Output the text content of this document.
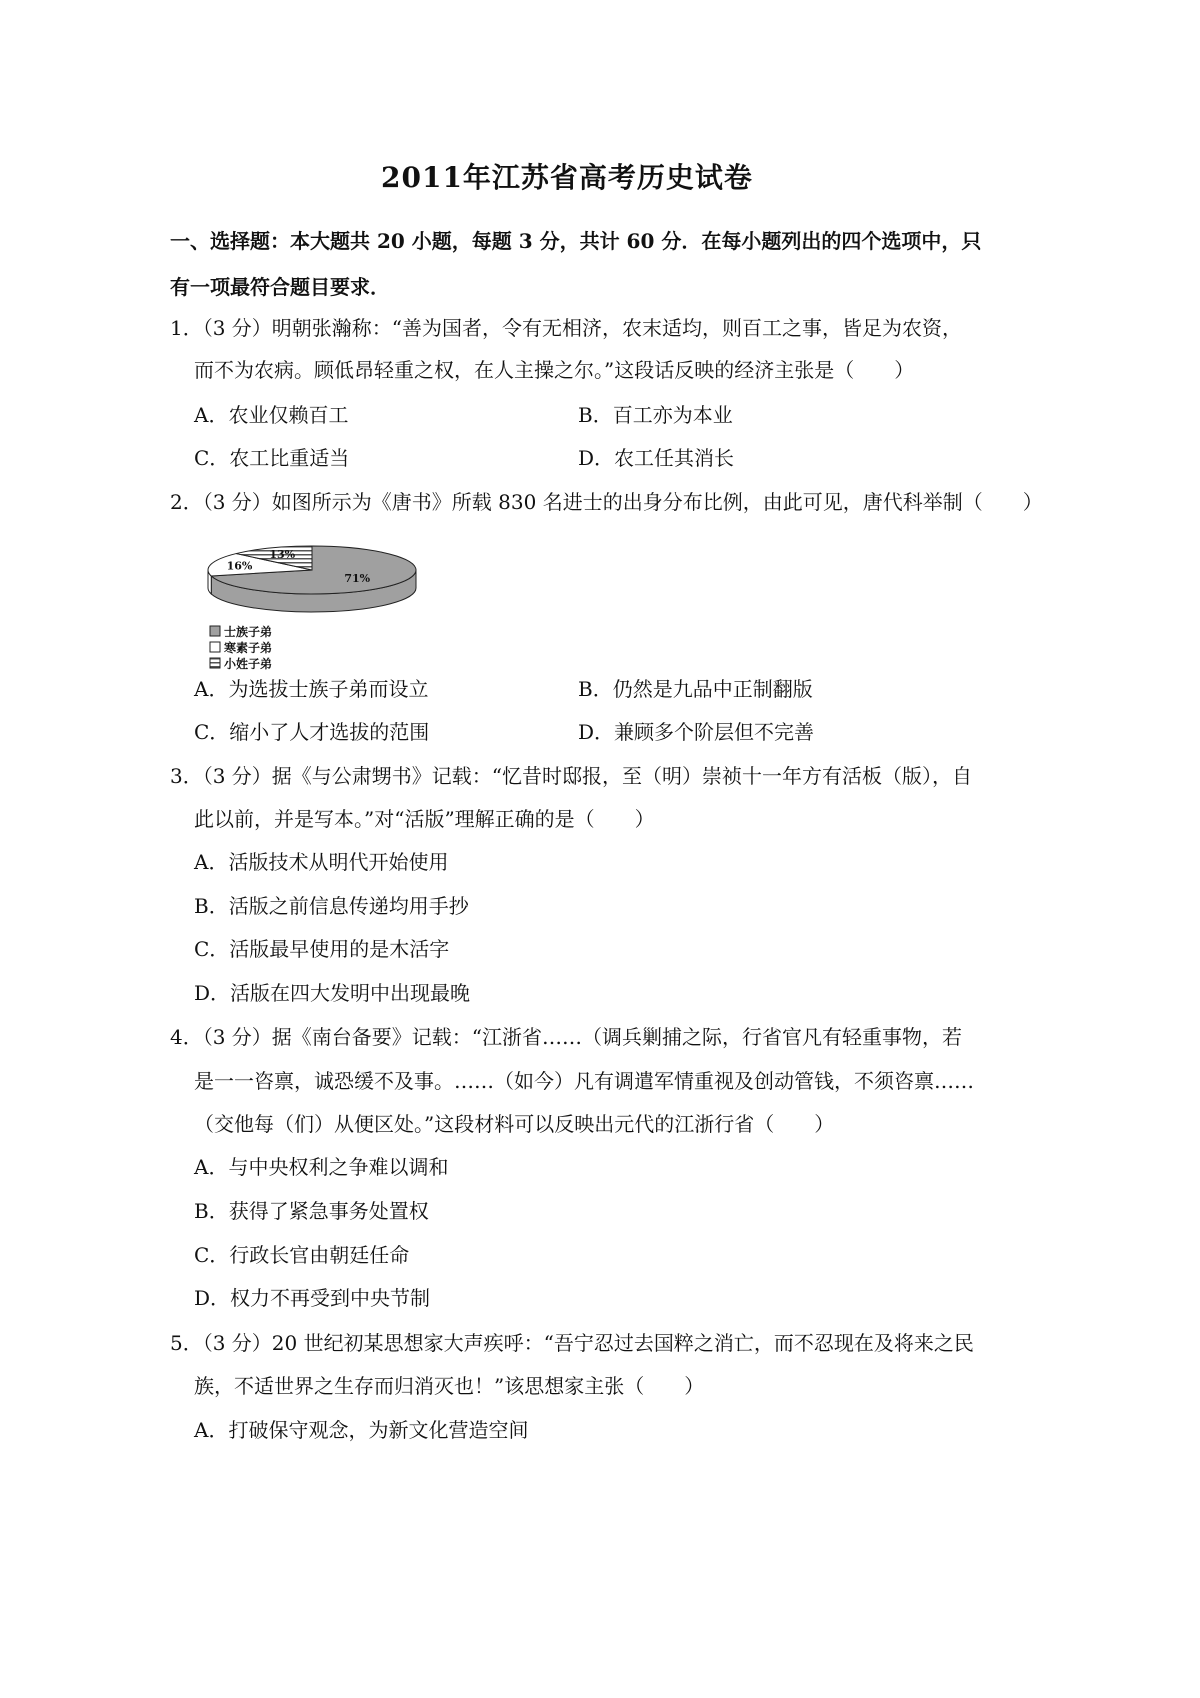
2011年江苏省高考历史试卷
一、选择题：本大题共 20 小题，每题 3 分，共计 60 分．在每小题列出的四个选项中，只
有一项最符合题目要求．
1．（3 分）明朝张瀚称：“善为国者，令有无相济，农末适均，则百工之事，皆足为农资，
而不为农病。顾低昂轻重之权，在人主操之尔。”这段话反映的经济主张是（　　）
A．农业仅赖百工	B．百工亦为本业
C．农工比重适当	D．农工任其消长
2．（3 分）如图所示为《唐书》所载 830 名进士的出身分布比例，由此可见，唐代科举制（　　）
71%
16%
13%
士族子弟
寒素子弟
小姓子弟
A．为选拔士族子弟而设立	B．仍然是九品中正制翻版
C．缩小了人才选拔的范围	D．兼顾多个阶层但不完善
3．（3 分）据《与公肃甥书》记载：“忆昔时邸报，至（明）崇祯十一年方有活板（版），自
此以前，并是写本。”对“活版”理解正确的是（　　）
A．活版技术从明代开始使用
B．活版之前信息传递均用手抄
C．活版最早使用的是木活字
D．活版在四大发明中出现最晚
4．（3 分）据《南台备要》记载：“江浙省……（调兵剿捕之际，行省官凡有轻重事物，若
是一一咨禀，诚恐缓不及事。……（如今）凡有调遣军情重视及创动管钱，不须咨禀……
（交他每（们）从便区处。”这段材料可以反映出元代的江浙行省（　　）
A．与中央权利之争难以调和
B．获得了紧急事务处置权
C．行政长官由朝廷任命
D．权力不再受到中央节制
5．（3 分）20 世纪初某思想家大声疾呼：“吾宁忍过去国粹之消亡，而不忍现在及将来之民
族，不适世界之生存而归消灭也！”该思想家主张（　　）
A．打破保守观念，为新文化营造空间
